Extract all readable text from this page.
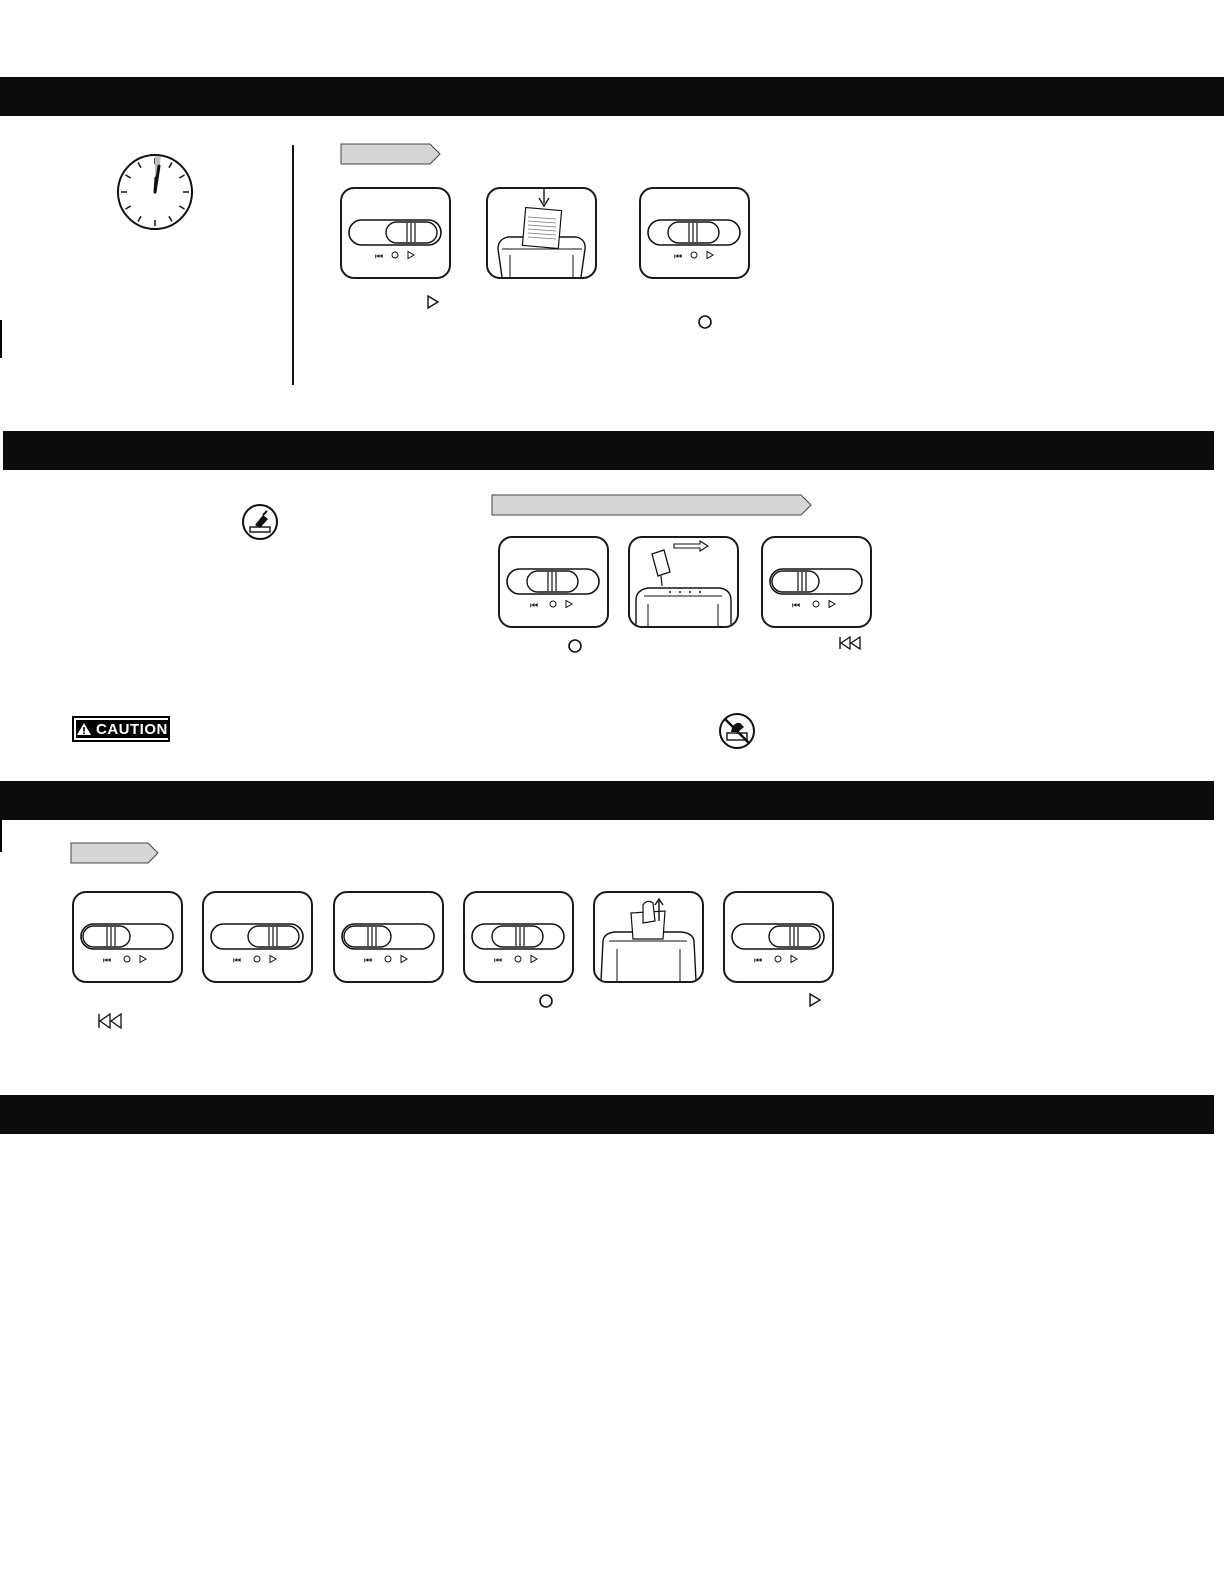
⏮	⏮
⏮	⏮
CAUTION
⏮	⏮	⏮	⏮	⏮
